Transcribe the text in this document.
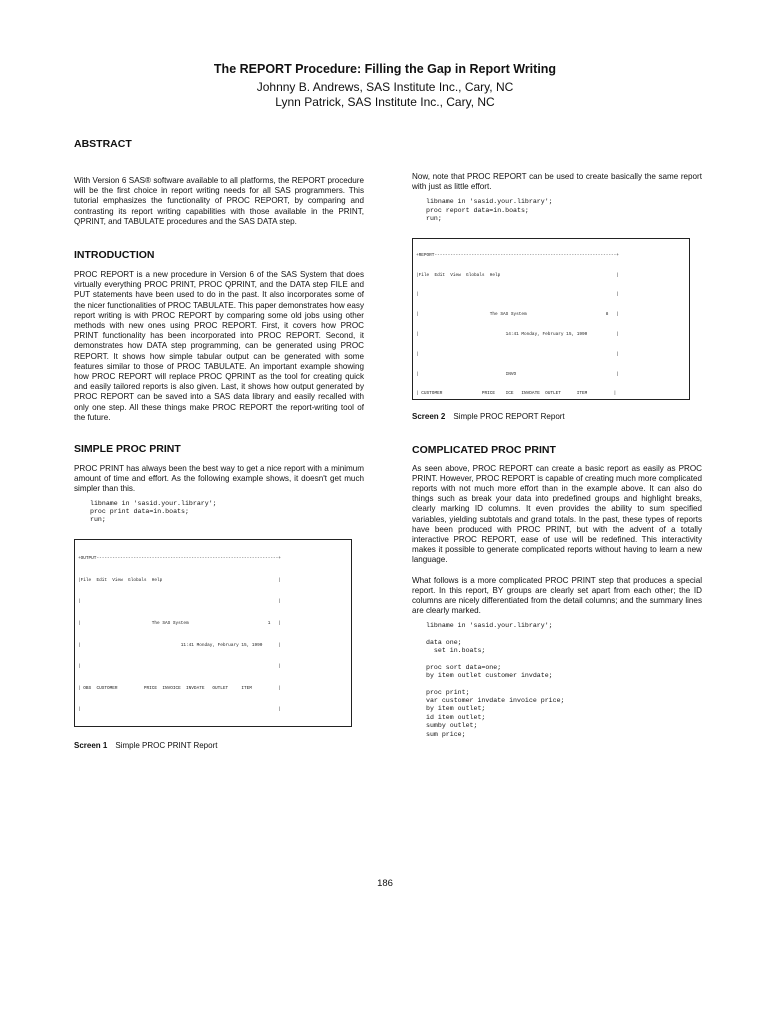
The REPORT Procedure: Filling the Gap in Report Writing
Johnny B. Andrews, SAS Institute Inc., Cary, NC
Lynn Patrick, SAS Institute Inc., Cary, NC
ABSTRACT

With Version 6 SAS® software available to all platforms, the REPORT procedure will be the first choice in report writing needs for all SAS programmers. This tutorial emphasizes the functionality of PROC REPORT, by comparing and contrasting its report writing capabilities with those available in the PRINT, QPRINT, and TABULATE procedures and the SAS DATA step.

INTRODUCTION

PROC REPORT is a new procedure in Version 6 of the SAS System that does virtually everything PROC PRINT, PROC QPRINT, and the DATA step FILE and PUT statements have been used to do in the past. It also incorporates some of the nicer functionalities of PROC TABULATE. This paper demonstrates how easy report writing is with PROC REPORT by comparing some old jobs using other methods with new ones using PROC REPORT. First, it covers how PROC PRINT functionality has been incorporated into PROC REPORT. Second, it demonstrates how DATA step programming, can be generated using PROC REPORT. It shows how simple tabular output can be generated with some features similar to those of PROC TABULATE. An important example showing how PROC REPORT will replace PROC QPRINT as the tool for creating quick and easily tailored reports is also given. Last, it shows how output generated by PROC REPORT can be saved into a SAS data library and easily recalled with only one step. All these things make PROC REPORT the report-writing tool of the future.

SIMPLE PROC PRINT

PROC PRINT has always been the best way to get a nice report with a minimum amount of time and effort. As the following example shows, it doesn't get much simpler than this.

libname in 'sasid.your.library';
proc print data=in.boats;
run;

+OUTPUT---------------------------------------------------------------------+

|File  Edit  View  Globals  Help                                            |

|                                                                           |

|                           The SAS System                              1   |

|                                      11:41 Monday, February 15, 1990      |

|                                                                           |

| OBS  CUSTOMER          PRICE  INVOICE  INVDATE   OUTLET     ITEM          |

|                                                                           |

Screen 1 Simple PROC PRINT Report

Now, note that PROC REPORT can be used to create basically the same report with just as little effort.

libname in 'sasid.your.library';
proc report data=in.boats;
run;

+REPORT---------------------------------------------------------------------+

|File  Edit  View  Globals  Help                                            |

|                                                                           |

|                           The SAS System                              8   |

|                                 14:41 Monday, February 15, 1990           |

|                                                                           |

|                                 INVO                                      |

| CUSTOMER               PRICE    ICE   INVDATE  OUTLET      ITEM          |

Screen 2 Simple PROC REPORT Report
COMPLICATED PROC PRINT

As seen above, PROC REPORT can create a basic report as easily as PROC PRINT. However, PROC REPORT is capable of creating much more complicated reports with not much more effort than in the example above. It can also do things such as break your data into predefined groups and highlight breaks, clearly marking ID columns. It even provides the ability to sum specified variables, yielding subtotals and grand totals. In the past, these types of reports have been produced with PROC PRINT, but with the advent of a totally interactive PROC REPORT, ease of use will be redefined. This interactivity makes it possible to generate complicated reports without having to learn a new language.

What follows is a more complicated PROC PRINT step that produces a special report. In this report, BY groups are clearly set apart from each other; the ID columns are nicely differentiated from the detail columns; and the summary lines are clearly marked.

libname in 'sasid.your.library';
data one;
set in.boats;
proc sort data=one;
by item outlet customer invdate;
proc print;
var customer invdate invoice price;
by item outlet;
id item outlet;
sumby outlet;
sum price;
186
